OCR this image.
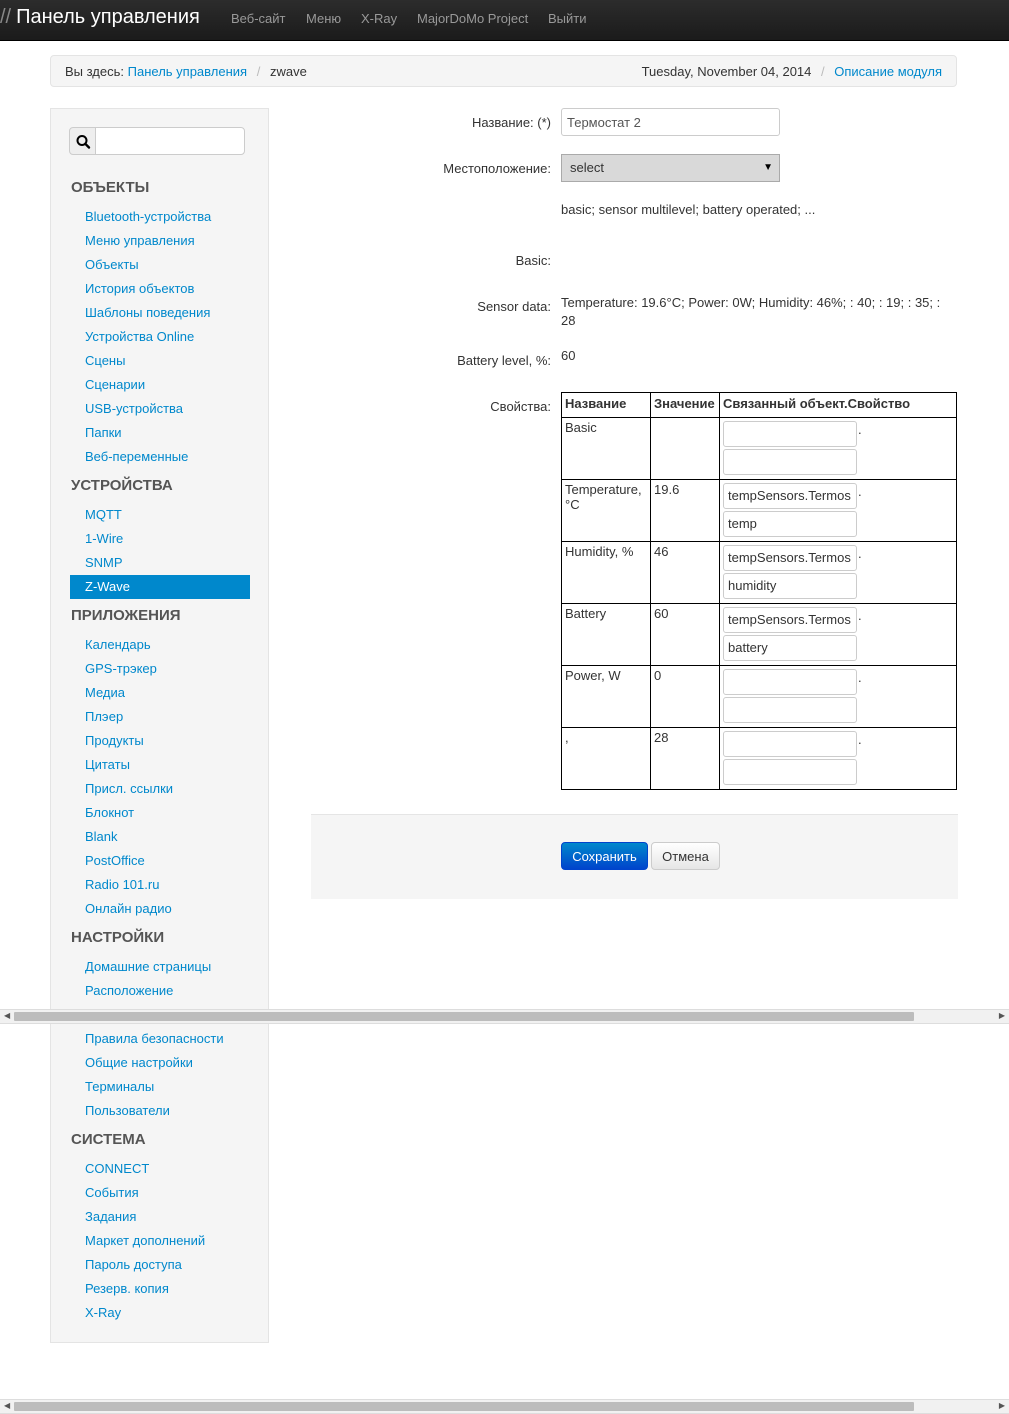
// Панель управления Веб-сайт Меню X-Ray MajorDoMo Project Выйти
Вы здесь: Панель управления / zwave	Tuesday, November 04, 2014 / Описание модуля
ОБЪЕКТЫ
Bluetooth-устройства
Меню управления
Объекты
История объектов
Шаблоны поведения
Устройства Online
Сцены
Сценарии
USB-устройства
Папки
Веб-переменные
УСТРОЙСТВА
MQTT
1-Wire
SNMP
Z-Wave
ПРИЛОЖЕНИЯ
Календарь
GPS-трэкер
Медиа
Плэер
Продукты
Цитаты
Присл. ссылки
Блокнот
Blank
PostOffice
Radio 101.ru
Онлайн радио
НАСТРОЙКИ
Домашние страницы
Расположение
Правила безопасности
Общие настройки
Терминалы
Пользователи
СИСТЕМА
CONNECT
События
Задания
Маркет дополнений
Пароль доступа
Резерв. копия
X-Ray
Название: (*)
Термостат 2
Местоположение:	select	▼
basic; sensor multilevel; battery operated; ...
Basic:
Sensor data: Temperature: 19.6°C; Power: 0W; Humidity: 46%; : 40; : 19; : 35; : 28
Battery level, %: 60
Свойства: Название	Значение	Связанный объект.Свойство
Basic		.

Temperature, °C	19.6	tempSensors.Termos .
temp

Humidity, %	46	tempSensors.Termos .
humidity

Battery	60	tempSensors.Termos .
battery

Power, W	0	.

,	28	.
Сохранить	Отмена
◀	▶
◀	▶
